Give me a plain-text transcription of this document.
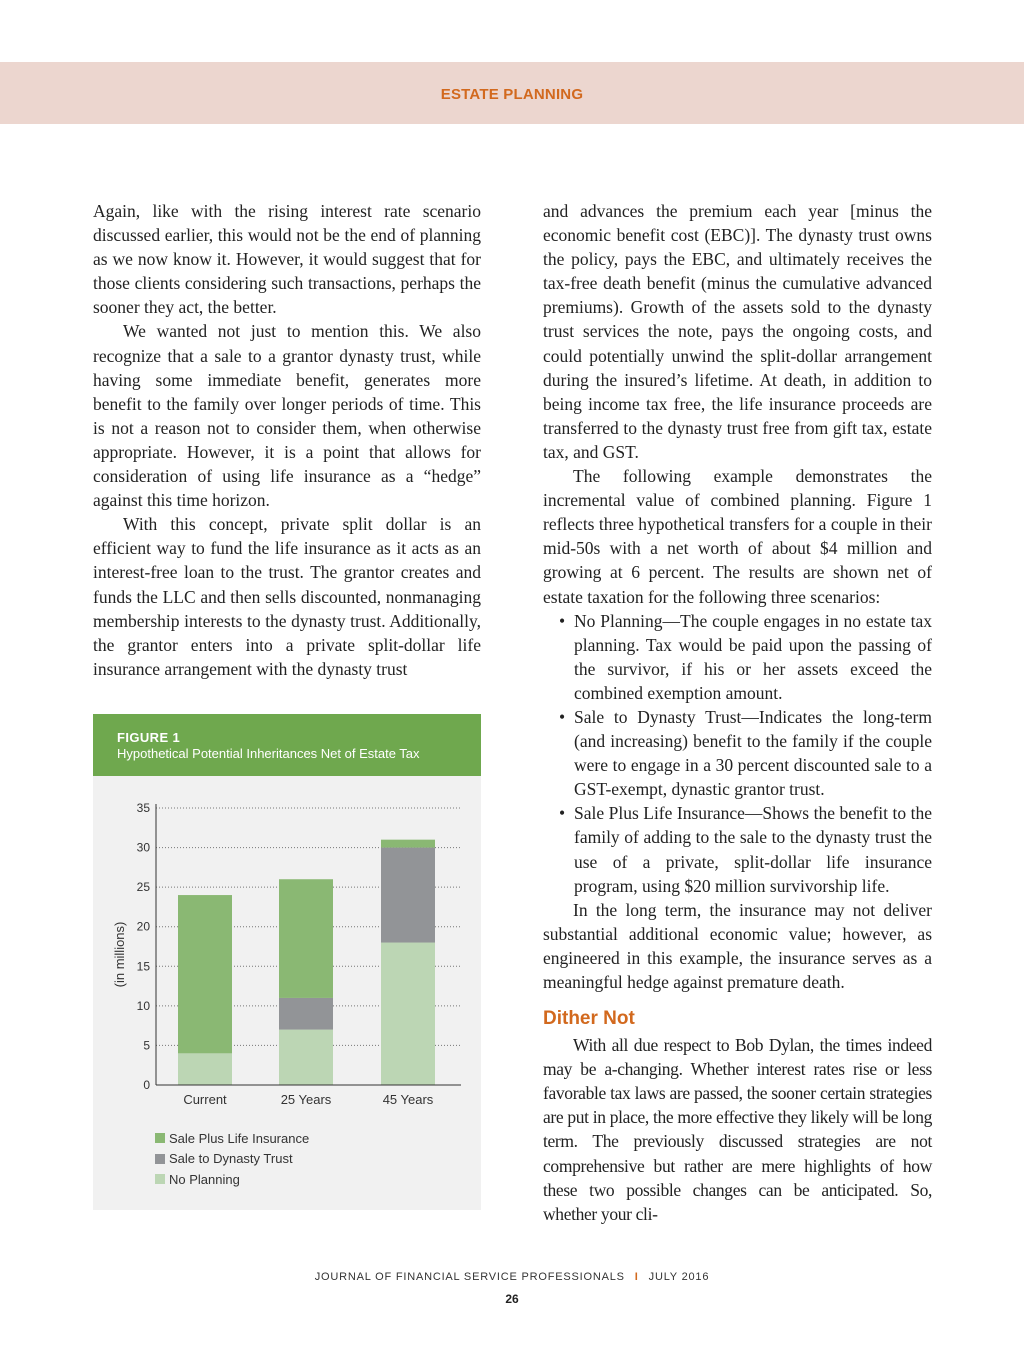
ESTATE PLANNING

Again, like with the rising interest rate scenario discussed earlier, this would not be the end of planning as we now know it. However, it would suggest that for those clients considering such transactions, perhaps the sooner they act, the better.

We wanted not just to mention this. We also recognize that a sale to a grantor dynasty trust, while having some immediate benefit, generates more benefit to the family over longer periods of time. This is not a reason not to consider them, when otherwise appropriate. However, it is a point that allows for consideration of using life insurance as a “hedge” against this time horizon.

With this concept, private split dollar is an efficient way to fund the life insurance as it acts as an interest-free loan to the trust. The grantor creates and funds the LLC and then sells discounted, nonmanaging membership interests to the dynasty trust. Additionally, the grantor enters into a private split-dollar life insurance arrangement with the dynasty trust

FIGURE 1
Hypothetical Potential Inheritances Net of Estate Tax
0
5
10
15
20
25
30
35
(in millions)
Current	25 Years	45 Years
Sale Plus Life Insurance
Sale to Dynasty Trust
No Planning

and advances the premium each year [minus the economic benefit cost (EBC)]. The dynasty trust owns the policy, pays the EBC, and ultimately receives the tax-free death benefit (minus the cumulative advanced premiums). Growth of the assets sold to the dynasty trust services the note, pays the ongoing costs, and could potentially unwind the split-dollar arrangement during the insured’s lifetime. At death, in addition to being income tax free, the life insurance proceeds are transferred to the dynasty trust free from gift tax, estate tax, and GST.

The following example demonstrates the incremental value of combined planning. Figure 1 reflects three hypothetical transfers for a couple in their mid-50s with a net worth of about $4 million and growing at 6 percent. The results are shown net of estate taxation for the following three scenarios:

• No Planning—The couple engages in no estate tax planning. Tax would be paid upon the passing of the survivor, if his or her assets exceed the combined exemption amount.
• Sale to Dynasty Trust—Indicates the long-term (and increasing) benefit to the family if the couple were to engage in a 30 percent discounted sale to a GST-exempt, dynastic grantor trust.
• Sale Plus Life Insurance—Shows the benefit to the family of adding to the sale to the dynasty trust the use of a private, split-dollar life insurance program, using $20 million survivorship life.

In the long term, the insurance may not deliver substantial additional economic value; however, as engineered in this example, the insurance serves as a meaningful hedge against premature death.

Dither Not

With all due respect to Bob Dylan, the times indeed may be a-changing. Whether interest rates rise or less favorable tax laws are passed, the sooner certain strategies are put in place, the more effective they likely will be long term. The previously discussed strategies are not comprehensive but rather are mere highlights of how these two possible changes can be anticipated. So, whether your cli-

JOURNAL OF FINANCIAL SERVICE PROFESSIONALS I JULY 2016
26
